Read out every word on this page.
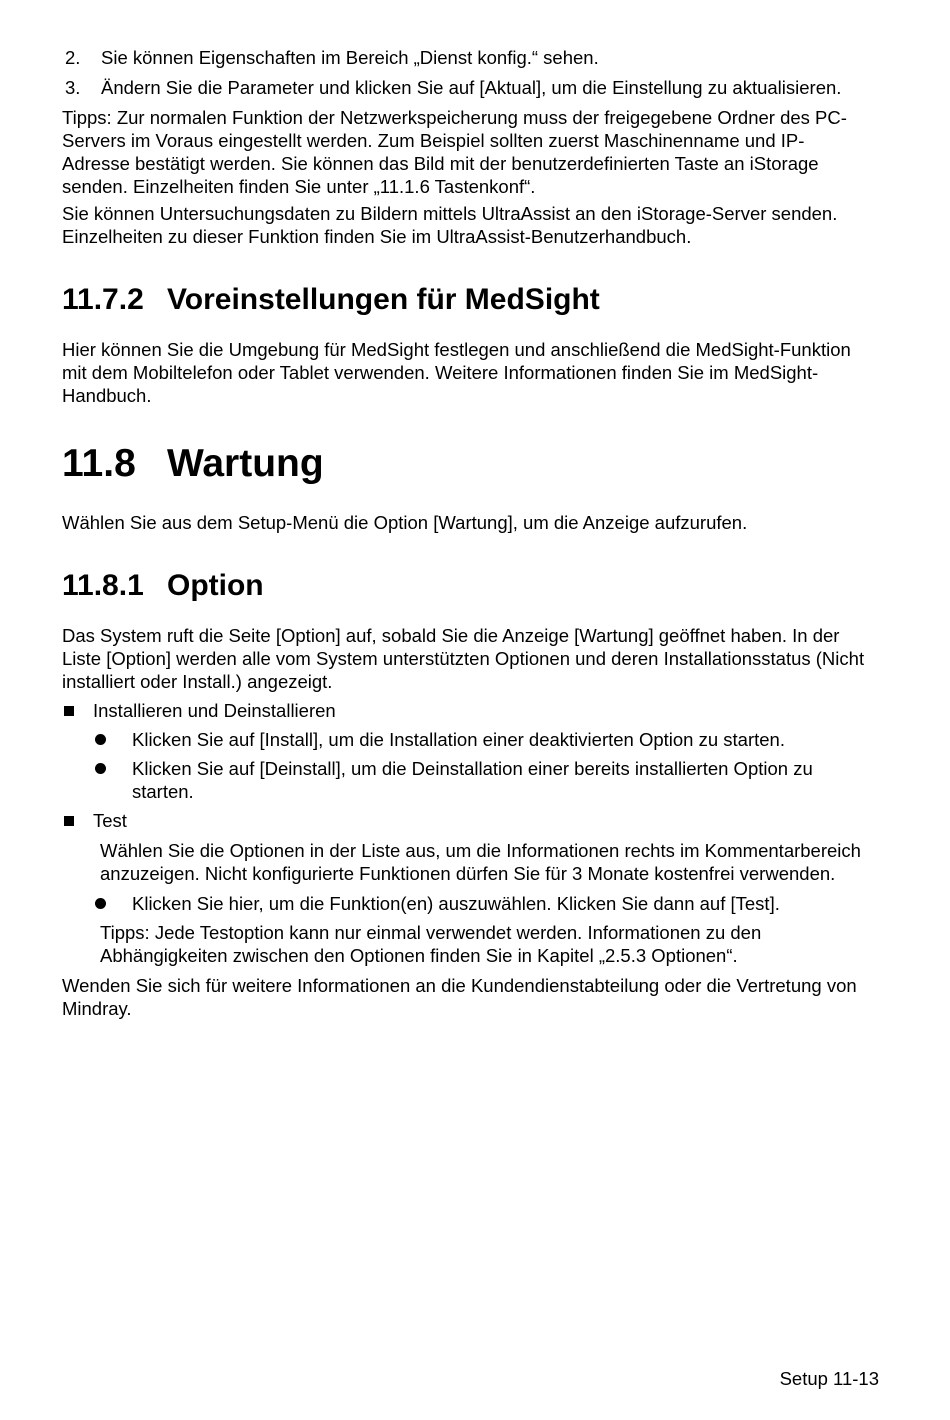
2. Sie können Eigenschaften im Bereich „Dienst konfig.“ sehen.
3. Ändern Sie die Parameter und klicken Sie auf [Aktual], um die Einstellung zu aktualisieren.

Tipps: Zur normalen Funktion der Netzwerkspeicherung muss der freigegebene Ordner des PC-Servers im Voraus eingestellt werden. Zum Beispiel sollten zuerst Maschinenname und IP-Adresse bestätigt werden. Sie können das Bild mit der benutzerdefinierten Taste an iStorage senden. Einzelheiten finden Sie unter „11.1.6 Tastenkonf“.

Sie können Untersuchungsdaten zu Bildern mittels UltraAssist an den iStorage-Server senden. Einzelheiten zu dieser Funktion finden Sie im UltraAssist-Benutzerhandbuch.

11.7.2 Voreinstellungen für MedSight

Hier können Sie die Umgebung für MedSight festlegen und anschließend die MedSight-Funktion mit dem Mobiltelefon oder Tablet verwenden. Weitere Informationen finden Sie im MedSight-Handbuch.

11.8 Wartung

Wählen Sie aus dem Setup-Menü die Option [Wartung], um die Anzeige aufzurufen.

11.8.1 Option

Das System ruft die Seite [Option] auf, sobald Sie die Anzeige [Wartung] geöffnet haben. In der Liste [Option] werden alle vom System unterstützten Optionen und deren Installationsstatus (Nicht installiert oder Install.) angezeigt.

Installieren und Deinstallieren
Klicken Sie auf [Install], um die Installation einer deaktivierten Option zu starten.
Klicken Sie auf [Deinstall], um die Deinstallation einer bereits installierten Option zu starten.
Test

Wählen Sie die Optionen in der Liste aus, um die Informationen rechts im Kommentarbereich anzuzeigen. Nicht konfigurierte Funktionen dürfen Sie für 3 Monate kostenfrei verwenden.

Klicken Sie hier, um die Funktion(en) auszuwählen. Klicken Sie dann auf [Test].

Tipps: Jede Testoption kann nur einmal verwendet werden. Informationen zu den Abhängigkeiten zwischen den Optionen finden Sie in Kapitel „2.5.3 Optionen“.

Wenden Sie sich für weitere Informationen an die Kundendienstabteilung oder die Vertretung von Mindray.

Setup 11-13
